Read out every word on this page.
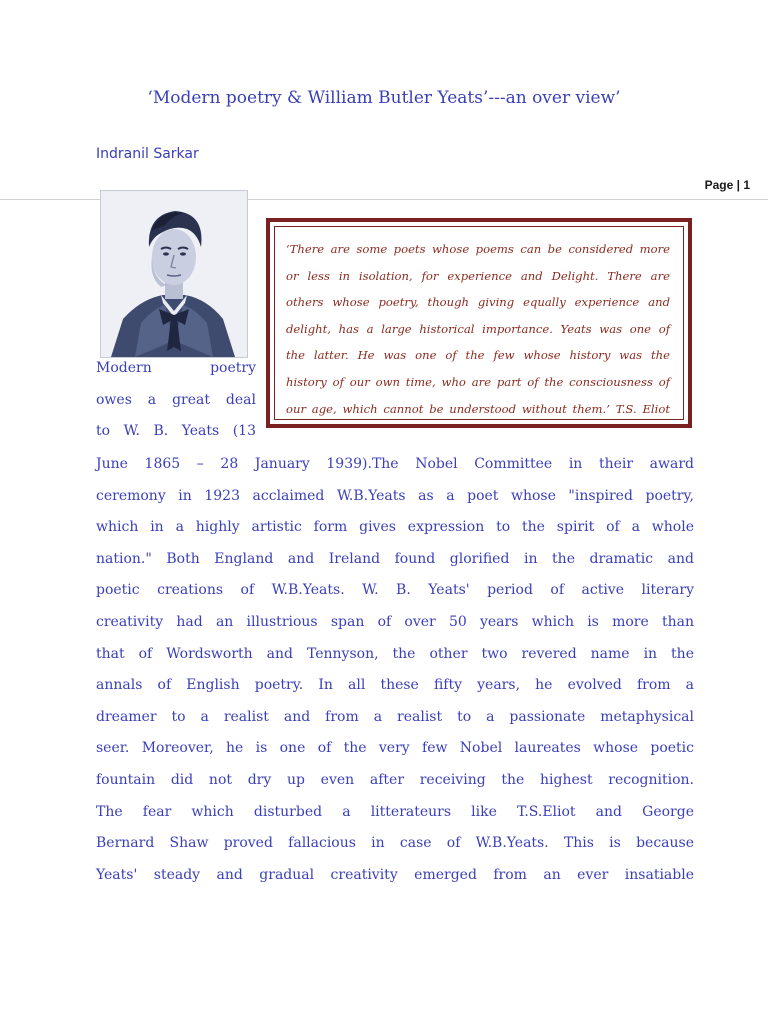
‘Modern poetry & William Butler Yeats’---an over view’
Indranil Sarkar
Page | 1
‘There are some poets whose poems can be considered more
or less in isolation, for experience and Delight. There are
others whose poetry, though giving equally experience and
delight, has a large historical importance. Yeats was one of
the latter. He was one of the few whose history was the
history of our own time, who are part of the consciousness of
our age, which cannot be understood without them.’ T.S. Eliot
Modern poetry
owes a great deal
to W. B. Yeats (13
June 1865 – 28 January 1939).The Nobel Committee in their award
ceremony in 1923 acclaimed W.B.Yeats as a poet whose "inspired poetry,
which in a highly artistic form gives expression to the spirit of a whole
nation." Both England and Ireland found glorified in the dramatic and
poetic creations of W.B.Yeats. W. B. Yeats' period of active literary
creativity had an illustrious span of over 50 years which is more than
that of Wordsworth and Tennyson, the other two revered name in the
annals of English poetry. In all these fifty years, he evolved from a
dreamer to a realist and from a realist to a passionate metaphysical
seer. Moreover, he is one of the very few Nobel laureates whose poetic
fountain did not dry up even after receiving the highest recognition.
The fear which disturbed a litterateurs like T.S.Eliot and George
Bernard Shaw proved fallacious in case of W.B.Yeats. This is because
Yeats' steady and gradual creativity emerged from an ever insatiable
